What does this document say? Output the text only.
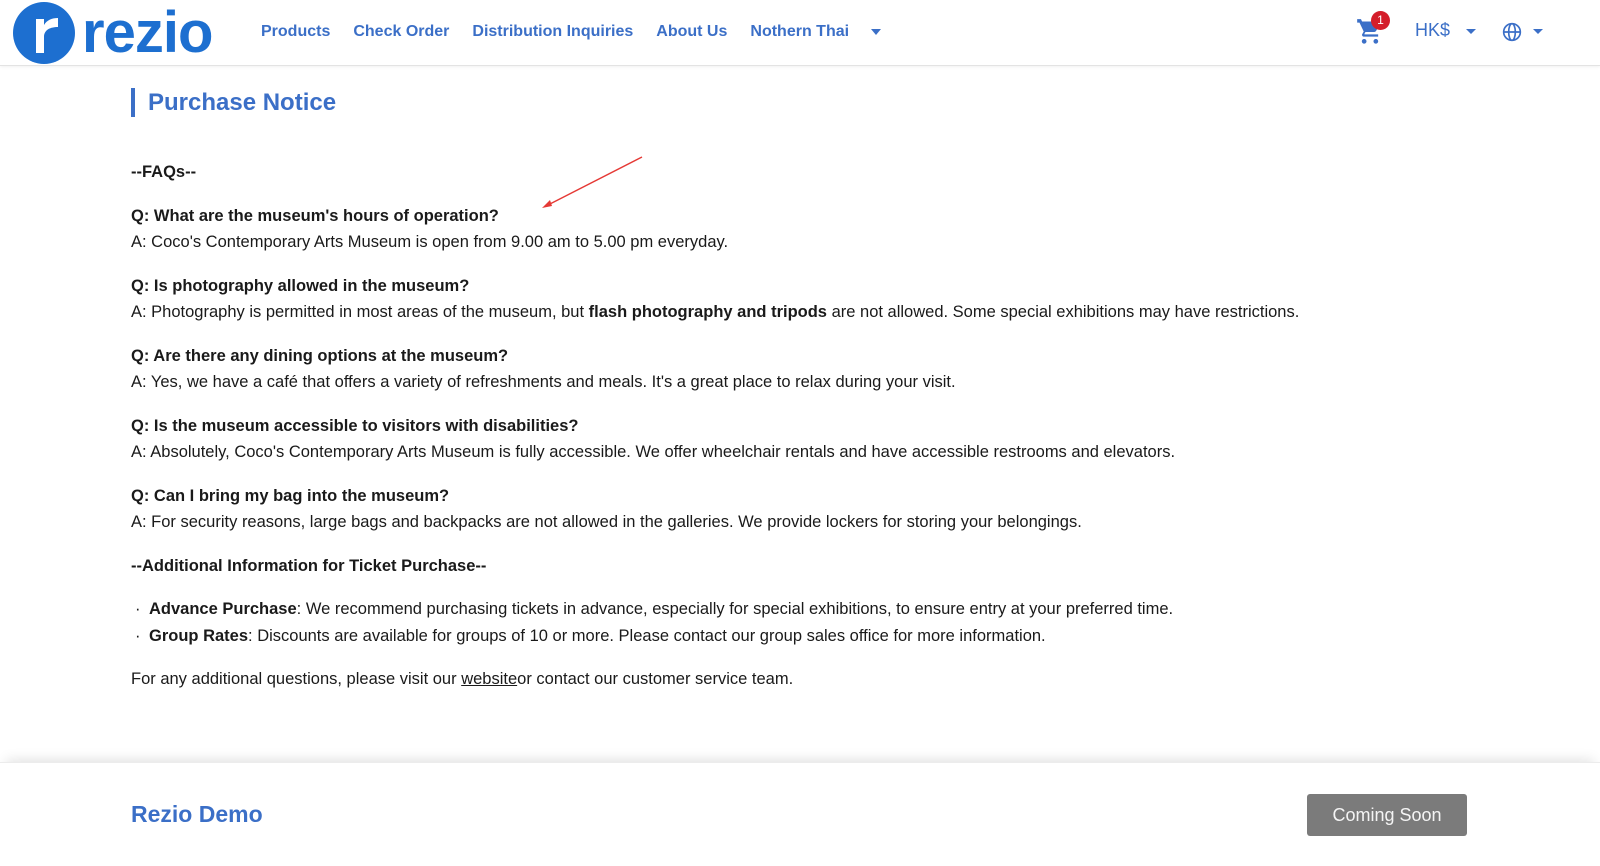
rezio	Products Check Order Distribution Inquiries About Us Nothern Thai
1	HK$
Purchase Notice

--FAQs--

Q: What are the museum's hours of operation?

A: Coco's Contemporary Arts Museum is open from 9.00 am to 5.00 pm everyday.

Q: Is photography allowed in the museum?

A: Photography is permitted in most areas of the museum, but flash photography and tripods are not allowed. Some special exhibitions may have restrictions.

Q: Are there any dining options at the museum?

A: Yes, we have a café that offers a variety of refreshments and meals. It's a great place to relax during your visit.

Q: Is the museum accessible to visitors with disabilities?

A: Absolutely, Coco's Contemporary Arts Museum is fully accessible. We offer wheelchair rentals and have accessible restrooms and elevators.

Q: Can I bring my bag into the museum?

A: For security reasons, large bags and backpacks are not allowed in the galleries. We provide lockers for storing your belongings.

--Additional Information for Ticket Purchase--

· Advance Purchase: We recommend purchasing tickets in advance, especially for special exhibitions, to ensure entry at your preferred time.

· Group Rates: Discounts are available for groups of 10 or more. Please contact our group sales office for more information.

For any additional questions, please visit our websiteor contact our customer service team.

Rezio Demo	Coming Soon
